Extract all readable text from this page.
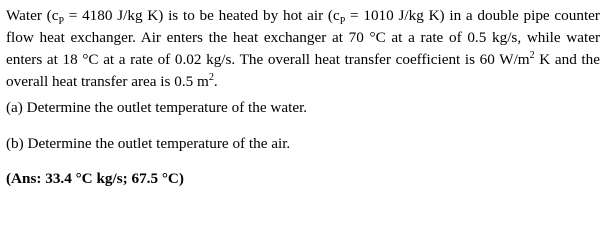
Water ($c_P = 4180$ J/kg K) is to be heated by hot air ($c_P = 1010$ J/kg K) in a double pipe counter flow heat exchanger. Air enters the heat exchanger at 70 °C at a rate of 0.5 kg/s, while water enters at 18 °C at a rate of 0.02 kg/s. The overall heat transfer coefficient is 60 $W/m^2$ K and the overall heat transfer area is 0.5 $m^2$.

(a) Determine the outlet temperature of the water.

(b) Determine the outlet temperature of the air.

(Ans: 33.4 °C kg/s; 67.5 °C)
